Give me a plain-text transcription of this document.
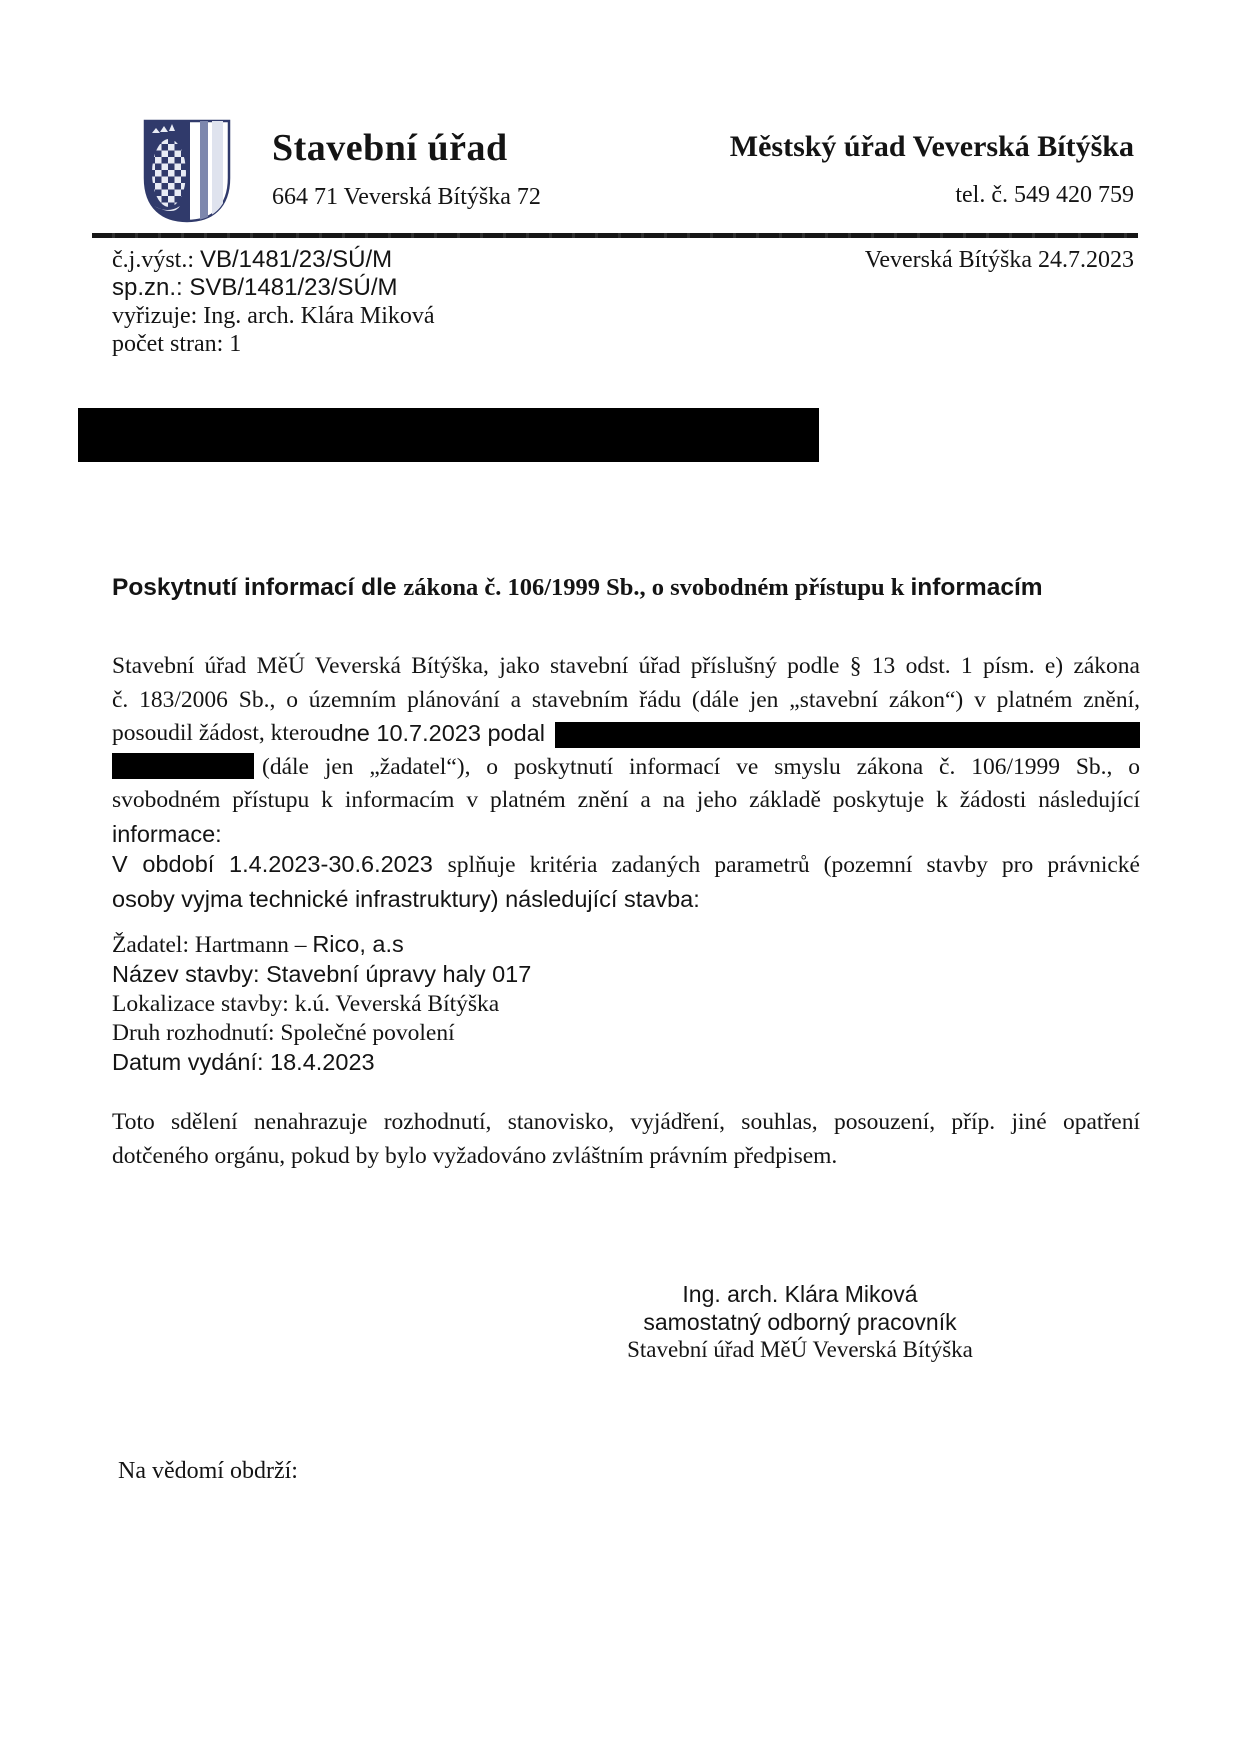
Stavební úřad
664 71 Veverská Bítýška 72
Městský úřad Veverská Bítýška
tel. č. 549 420 759
č.j.výst.: VB/1481/23/SÚ/M	Veverská Bítýška 24.7.2023
sp.zn.: SVB/1481/23/SÚ/M
vyřizuje: Ing. arch. Klára Miková
počet stran: 1
Poskytnutí informací dle zákona č. 106/1999 Sb., o svobodném přístupu k informacím
Stavební úřad MěÚ Veverská Bítýška, jako stavební úřad příslušný podle § 13 odst. 1 písm. e) zákona
č. 183/2006 Sb., o územním plánování a stavebním řádu (dále jen „stavební zákon“) v platném znění,
posoudil žádost, kterou dne 10.7.2023 podal
(dále jen „žadatel“), o poskytnutí informací ve smyslu zákona č. 106/1999 Sb., o
svobodném přístupu k informacím v platném znění a na jeho základě poskytuje k žádosti následující
informace:
V období 1.4.2023-30.6.2023 splňuje kritéria zadaných parametrů (pozemní stavby pro právnické
osoby vyjma technické infrastruktury) následující stavba:
Žadatel: Hartmann – Rico, a.s
Název stavby: Stavební úpravy haly 017
Lokalizace stavby: k.ú. Veverská Bítýška
Druh rozhodnutí: Společné povolení
Datum vydání: 18.4.2023
Toto sdělení nenahrazuje rozhodnutí, stanovisko, vyjádření, souhlas, posouzení, příp. jiné opatření
dotčeného orgánu, pokud by bylo vyžadováno zvláštním právním předpisem.
Ing. arch. Klára Miková
samostatný odborný pracovník
Stavební úřad MěÚ Veverská Bítýška
Na vědomí obdrží:
